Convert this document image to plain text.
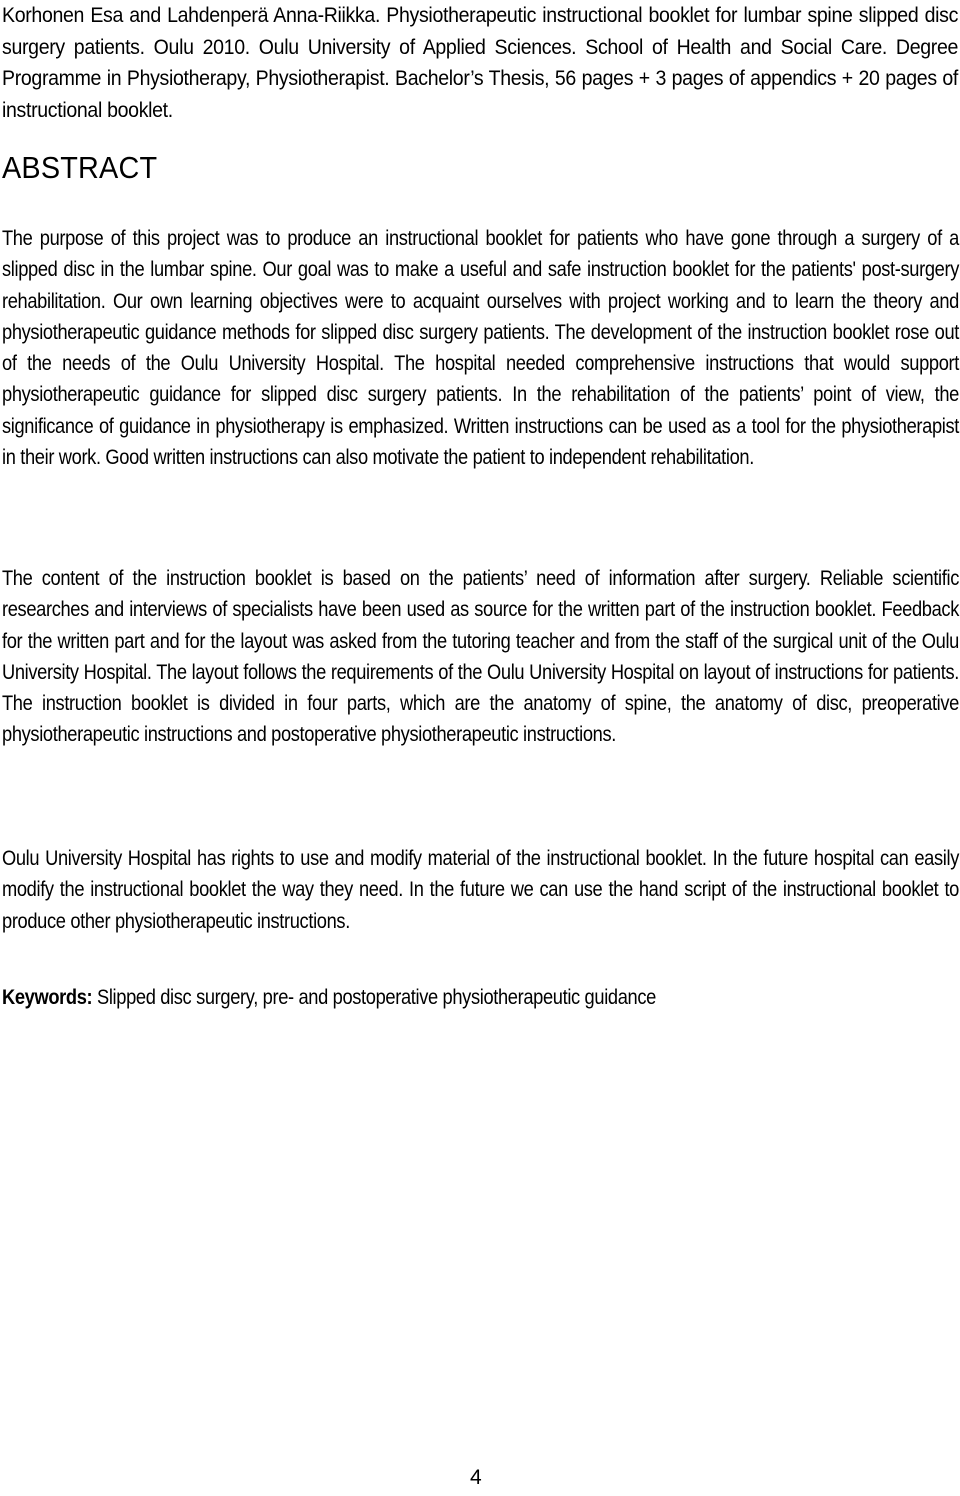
Korhonen Esa and Lahdenperä Anna-Riikka. Physiotherapeutic instructional booklet for lumbar spine slipped disc surgery patients. Oulu 2010. Oulu University of Applied Sciences. School of Health and Social Care. Degree Programme in Physiotherapy, Physiotherapist. Bachelor’s Thesis, 56 pages + 3 pages of appendics + 20 pages of instructional booklet.

ABSTRACT

The purpose of this project was to produce an instructional booklet for patients who have gone through a surgery of a slipped disc in the lumbar spine. Our goal was to make a useful and safe instruction booklet for the patients' post-surgery rehabilitation. Our own learning objectives were to acquaint ourselves with project working and to learn the theory and physiotherapeutic guidance methods for slipped disc surgery patients. The development of the instruction booklet rose out of the needs of the Oulu University Hospital. The hospital needed comprehensive instructions that would support physiotherapeutic guidance for slipped disc surgery patients. In the rehabilitation of the patients’ point of view, the significance of guidance in physiotherapy is emphasized. Written instructions can be used as a tool for the physiotherapist in their work. Good written instructions can also motivate the patient to independent rehabilitation.

The content of the instruction booklet is based on the patients’ need of information after surgery. Reliable scientific researches and interviews of specialists have been used as source for the written part of the instruction booklet. Feedback for the written part and for the layout was asked from the tutoring teacher and from the staff of the surgical unit of the Oulu University Hospital. The layout follows the requirements of the Oulu University Hospital on layout of instructions for patients. The instruction booklet is divided in four parts, which are the anatomy of spine, the anatomy of disc, preoperative physiotherapeutic instructions and postoperative physiotherapeutic instructions.

Oulu University Hospital has rights to use and modify material of the instructional booklet. In the future hospital can easily modify the instructional booklet the way they need. In the future we can use the hand script of the instructional booklet to produce other physiotherapeutic instructions.

Keywords: Slipped disc surgery, pre- and postoperative physiotherapeutic guidance

4
